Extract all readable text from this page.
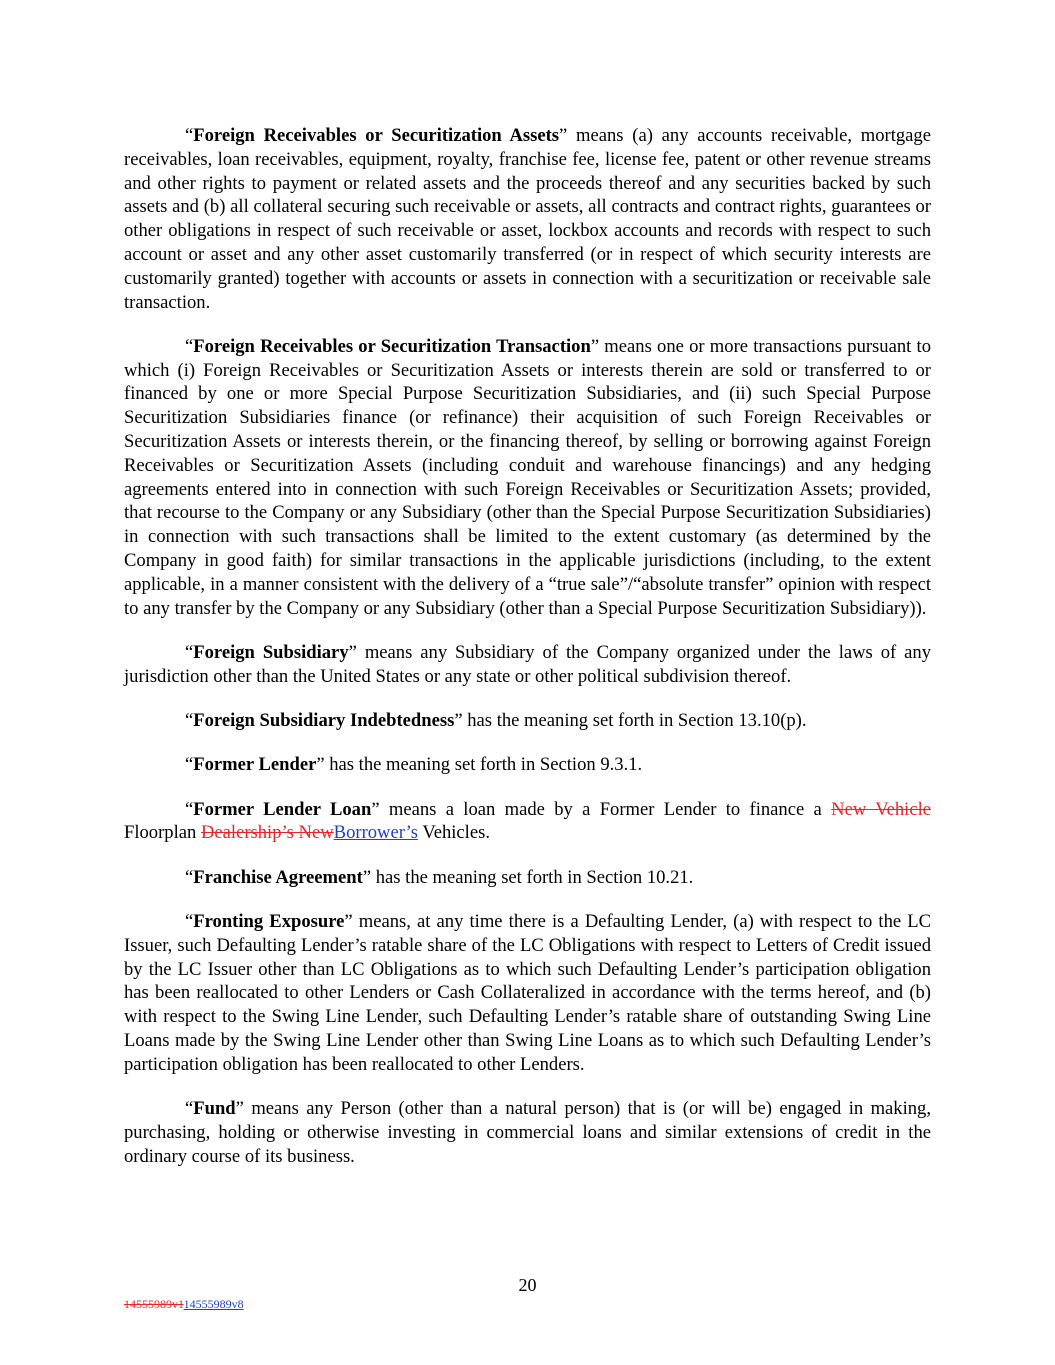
“Foreign Receivables or Securitization Assets” means (a) any accounts receivable, mortgage receivables, loan receivables, equipment, royalty, franchise fee, license fee, patent or other revenue streams and other rights to payment or related assets and the proceeds thereof and any securities backed by such assets and (b) all collateral securing such receivable or assets, all contracts and contract rights, guarantees or other obligations in respect of such receivable or asset, lockbox accounts and records with respect to such account or asset and any other asset customarily transferred (or in respect of which security interests are customarily granted) together with accounts or assets in connection with a securitization or receivable sale transaction.

“Foreign Receivables or Securitization Transaction” means one or more transactions pursuant to which (i) Foreign Receivables or Securitization Assets or interests therein are sold or transferred to or financed by one or more Special Purpose Securitization Subsidiaries, and (ii) such Special Purpose Securitization Subsidiaries finance (or refinance) their acquisition of such Foreign Receivables or Securitization Assets or interests therein, or the financing thereof, by selling or borrowing against Foreign Receivables or Securitization Assets (including conduit and warehouse financings) and any hedging agreements entered into in connection with such Foreign Receivables or Securitization Assets; provided, that recourse to the Company or any Subsidiary (other than the Special Purpose Securitization Subsidiaries) in connection with such transactions shall be limited to the extent customary (as determined by the Company in good faith) for similar transactions in the applicable jurisdictions (including, to the extent applicable, in a manner consistent with the delivery of a “true sale”/“absolute transfer” opinion with respect to any transfer by the Company or any Subsidiary (other than a Special Purpose Securitization Subsidiary)).

“Foreign Subsidiary” means any Subsidiary of the Company organized under the laws of any jurisdiction other than the United States or any state or other political subdivision thereof.

“Foreign Subsidiary Indebtedness” has the meaning set forth in Section 13.10(p).

“Former Lender” has the meaning set forth in Section 9.3.1.

“Former Lender Loan” means a loan made by a Former Lender to finance a New Vehicle Floorplan Dealership’s NewBorrower’s Vehicles.

“Franchise Agreement” has the meaning set forth in Section 10.21.

“Fronting Exposure” means, at any time there is a Defaulting Lender, (a) with respect to the LC Issuer, such Defaulting Lender’s ratable share of the LC Obligations with respect to Letters of Credit issued by the LC Issuer other than LC Obligations as to which such Defaulting Lender’s participation obligation has been reallocated to other Lenders or Cash Collateralized in accordance with the terms hereof, and (b) with respect to the Swing Line Lender, such Defaulting Lender’s ratable share of outstanding Swing Line Loans made by the Swing Line Lender other than Swing Line Loans as to which such Defaulting Lender’s participation obligation has been reallocated to other Lenders.

“Fund” means any Person (other than a natural person) that is (or will be) engaged in making, purchasing, holding or otherwise investing in commercial loans and similar extensions of credit in the ordinary course of its business.

20
14555989v114555989v8
